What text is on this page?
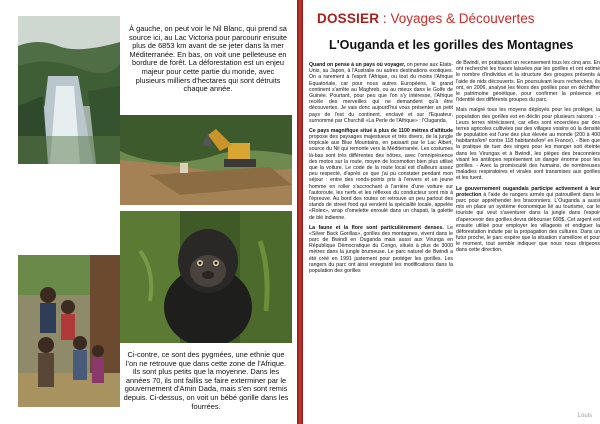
À gauche, on peut voir le Nil Blanc, qui prend sa source ici, au Lac Victoria pour parcourir ensuite plus de 6853 km avant de se jeter dans la mer Méditerranée. En bas, on voit une pelleteuse en bordure de forêt. La déforestation est un enjeu majeur pour cette partie du monde, avec plusieurs milliers d'hectares qui sont détruits chaque année.

Ci-contre, ce sont des pygmées, une ethnie que l'on ne retrouve que dans cette zone de l'Afrique. Ils sont plus petits que la moyenne. Dans les années 70, ils ont faillis se faire exterminer par le gouvernement d'Amin Dada, mais s'en sont remis depuis. Ci-dessus, on voit un bébé gorille dans les fourrées.

DOSSIER : Voyages & Découvertes
L'Ouganda et les gorilles des Montagnes

Quand on pense à un pays où voyager, on pense aux Etats-Unis, au Japon, à l'Australie ou autres destinations exotiques. On a rarement à l'esprit l'Afrique, ou tout du moins l'Afrique Equatoriale, car pour nous autres Européens, le grand continent s'arrête au Maghreb, ou au mieux dans le Golfe de Guinée. Pourtant, pour peu que l'on s'y intéresse, l'Afrique recèle des merveilles qui ne demandent qu'à être découvertes. Je vais donc aujourd'hui vous présenter un petit pays de l'est du continent, enclavé et sur l'Equateur, surnommé par Churchill «La Perle de l'Afrique» : l'Ouganda.

Ce pays magnifique situé à plus de 1100 mètres d'altitude propose des paysages majestueux et très divers, de la jungle tropicale aux Blue Mountains, en passant par le Lac Albert, source du Nil qui remonte vers la Méditerranée. Les costumes là-bas sont très différentes des nôtres, avec l'omniprésence des motos sur la route, moyen de locomotion bien plus utilisé que la voiture. Le code de la route local est d'ailleurs assez peu respecté, d'après ce que j'ai pu constater pendant mon séjour : entre des ronds-points pris à l'envers et un jeune homme en roller s'accrochant à l'arrière d'une voiture sur l'autoroute, les nerfs et les réflexes du conducteur sont mis à l'épreuve. Au bord des routes on retrouve un peu partout des stands de street food qui vendent la spécialité locale, appelée «Rolex», wrap d'omelette enroulé dans un chapati, la galette de blé indienne.

La faune et la flore sont particulièrement denses. Le «Silver Back Gorillas», gorilles des montagnes, vivent dans le parc de Bwindi en Ouganda mais aussi aux Virunga en République Démocratique du Congo, situés à plus de 3000 mètres dans la jungle brumeuse. Le parc naturel de Bwindi a été créé en 1991 justement pour protéger les gorilles. Les rangers du parc ont ainsi enregistré les modifications dans la population des gorilles

de Bwindi, en pratiquant un recensement tous les cinq ans. En ont recherché les traces laissées par les gorilles et ont estimé le nombre d'individus et la structure des groupes présents à l'aide de nids découverts. En poursuivant leurs recherches, ils ont, en 2006, analysé les fèces des gorilles pour en déchiffrer le patrimoine génétique, pour confirmer la présence et l'identité des différents groupes du parc.

Mais malgré tous les moyens déployés pour les protéger, la population des gorilles est en déclin pour plusieurs raisons : -Leurs terres rétrécissent, car elles sont encerclées par des terres agricoles cultivées par des villages voisins où la densité de population est l'une des plus élevée au monde (200 à 400 habitants/km² contre 118 habitants/km² en France). - Bien que la pratique de tuer des singes pour les manger soit éteinte dans les Virungas et à Bwindi, les pièges des braconniers visant les antilopes représentent un danger énorme pour les gorilles. - Avec la promiscuité des humains, de nombreuses maladies respiratoires et virales sont transmises aux gorilles et les tuent.

Le gouvernement ougandais participe activement à leur protection à l'aide de rangers armés qui patrouillent dans le parc pour appréhender les braconniers. L'Ouganda a aussi mis en place un système économique lié au tourisme, car le touriste qui veut s'aventurer dans la jungle dans l'espoir d'apercevoir des gorilles devra débourser 600$. Cet argent est ensuite utilisé pour employer les villageois et endiguer la déforestation induite par la propagation des cultures. Dans un futur proche, le parc espère que la situation s'améliore et pour le moment, tout semble indiquer que nous nous dirigeons dans cette direction.

Louis
